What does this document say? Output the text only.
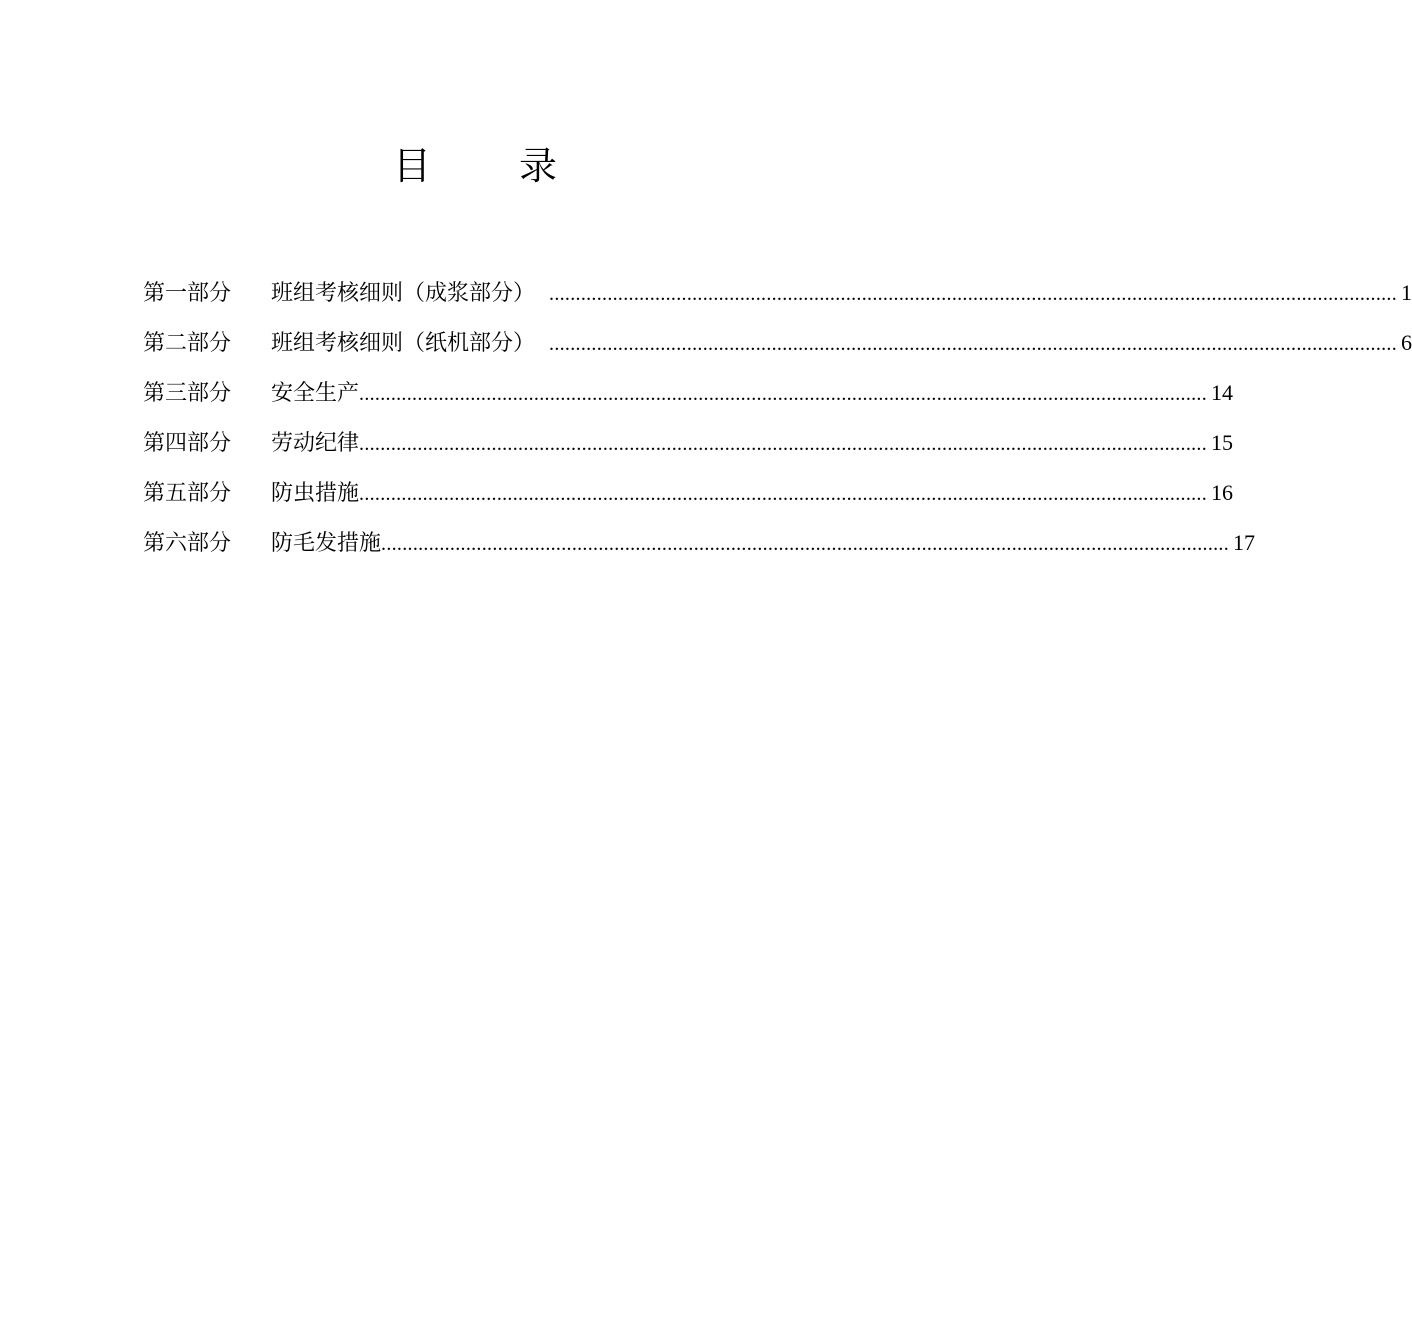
目 录
第一部分	班组考核细则（成浆部分） ................................................................................................................................................................ 1
第二部分	班组考核细则（纸机部分） ................................................................................................................................................................ 6
第三部分	安全生产 ................................................................................................................................................................ 14
第四部分	劳动纪律 ................................................................................................................................................................ 15
第五部分	防虫措施 ................................................................................................................................................................ 16
第六部分	防毛发措施 ................................................................................................................................................................ 17
